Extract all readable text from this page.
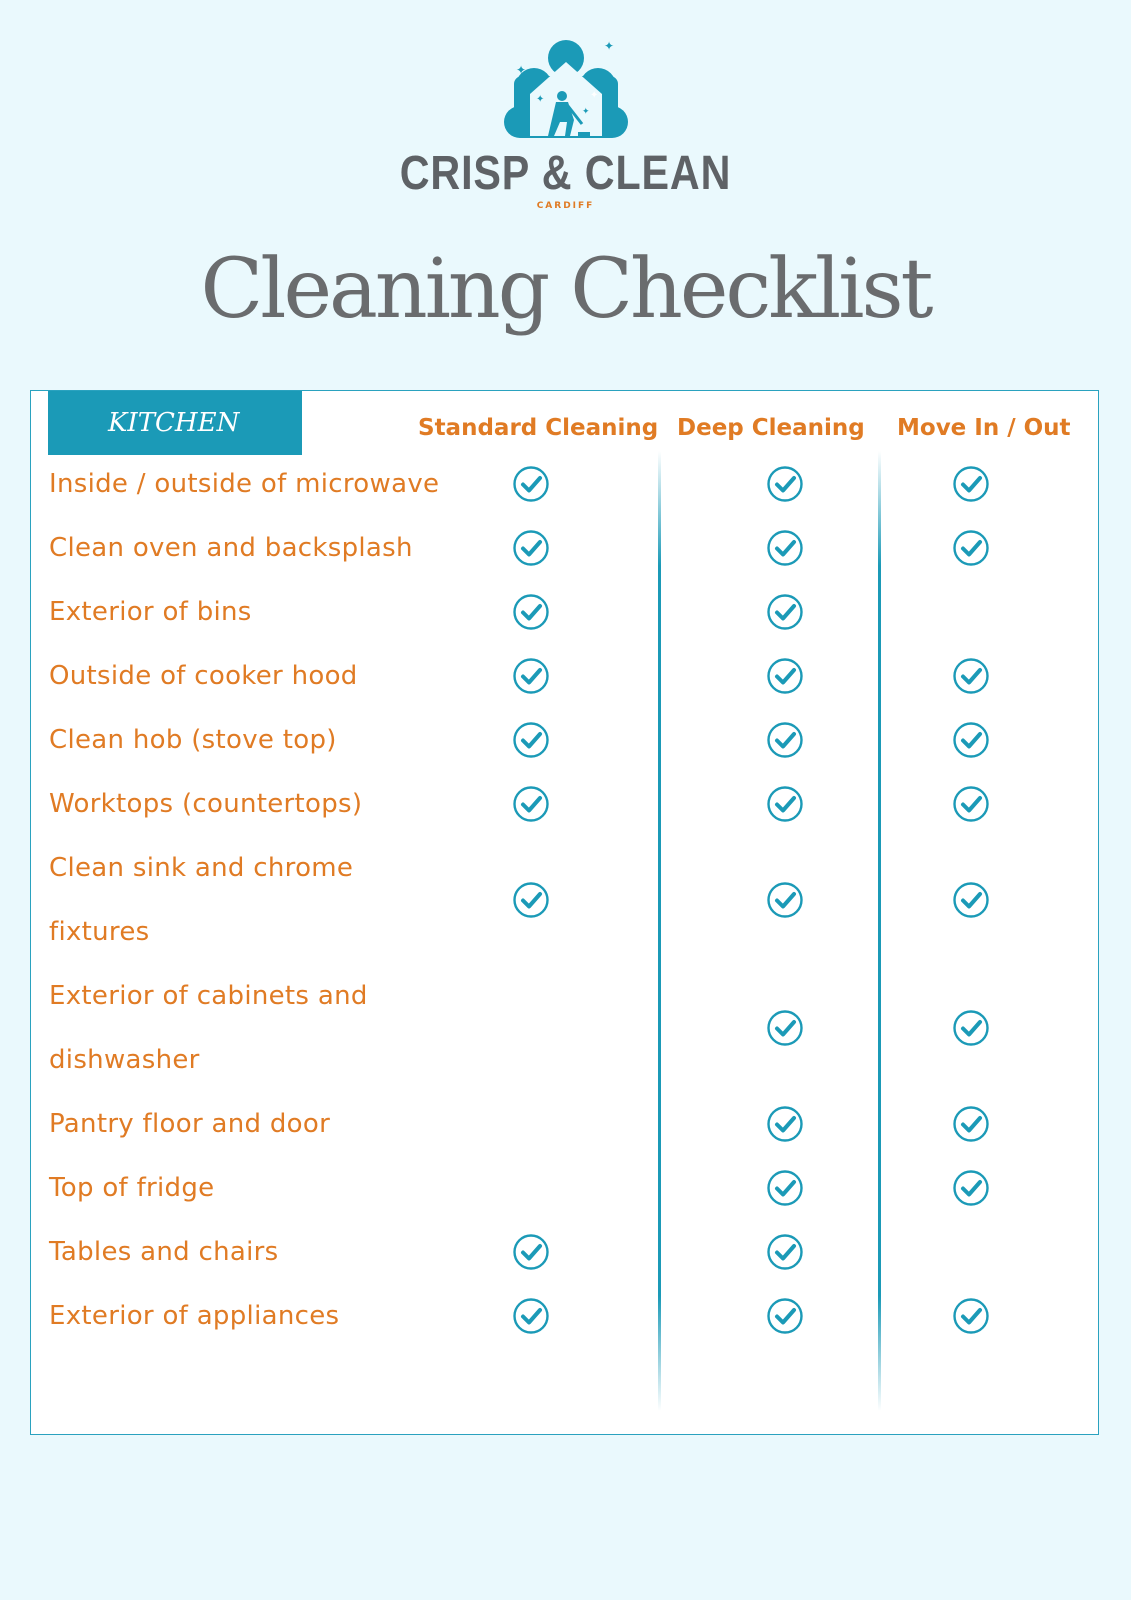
✦
✦
✦
✦
✦
CRISP & CLEAN
CARDIFF
Cleaning Checklist
KITCHEN	Standard Cleaning Deep Cleaning Move In / Out
Inside / outside of microwave
Clean oven and backsplash
Exterior of bins
Outside of cooker hood
Clean hob (stove top)
Worktops (countertops)
Clean sink and chrome fixtures
Exterior of cabinets and dishwasher
Pantry floor and door
Top of fridge
Tables and chairs
Exterior of appliances
